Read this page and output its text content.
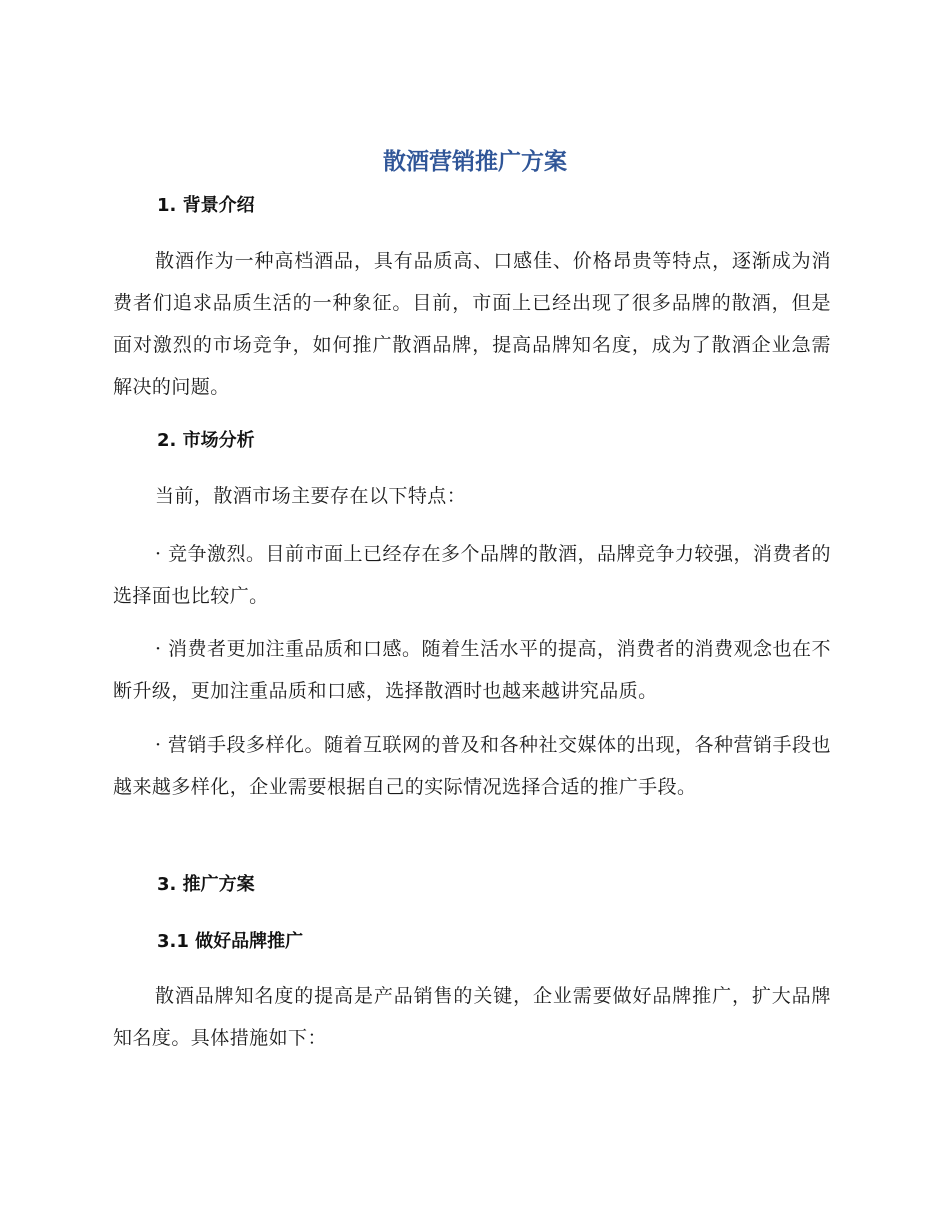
散酒营销推广方案
1. 背景介绍

散酒作为一种高档酒品，具有品质高、口感佳、价格昂贵等特点，逐渐成为消费者们追求品质生活的一种象征。目前，市面上已经出现了很多品牌的散酒，但是面对激烈的市场竞争，如何推广散酒品牌，提高品牌知名度，成为了散酒企业急需解决的问题。

2. 市场分析

当前，散酒市场主要存在以下特点：

· 竞争激烈。目前市面上已经存在多个品牌的散酒，品牌竞争力较强，消费者的选择面也比较广。

· 消费者更加注重品质和口感。随着生活水平的提高，消费者的消费观念也在不断升级，更加注重品质和口感，选择散酒时也越来越讲究品质。

· 营销手段多样化。随着互联网的普及和各种社交媒体的出现，各种营销手段也越来越多样化，企业需要根据自己的实际情况选择合适的推广手段。

3. 推广方案
3.1 做好品牌推广

散酒品牌知名度的提高是产品销售的关键，企业需要做好品牌推广，扩大品牌知名度。具体措施如下：
